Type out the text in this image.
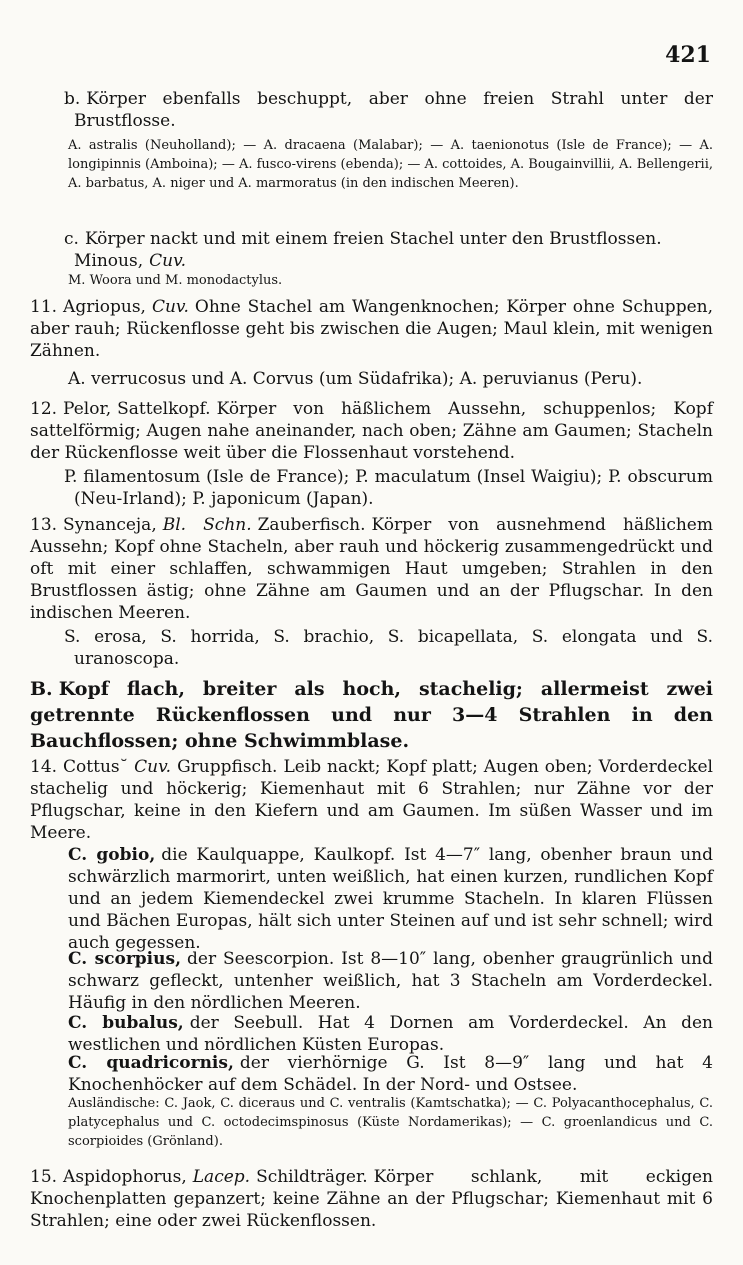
421
b. Körper ebenfalls beschuppt, aber ohne freien Strahl unter der Brustflosse.
A. astralis (Neuholland); — A. dracaena (Malabar); — A. taenionotus (Isle de France); — A. longipinnis (Amboina); — A. fusco-virens (ebenda); — A. cottoides, A. Bougainvillii, A. Bellengerii, A. barbatus, A. niger und A. marmoratus (in den indischen Meeren).
c. Körper nackt und mit einem freien Stachel unter den Brustflossen.
Minous, Cuv.
M. Woora und M. monodactylus.
11. Agriopus, Cuv. Ohne Stachel am Wangenknochen; Körper ohne Schuppen, aber rauh; Rückenflosse geht bis zwischen die Augen; Maul klein, mit wenigen Zähnen.
A. verrucosus und A. Corvus (um Südafrika); A. peruvianus (Peru).
12. Pelor, Sattelkopf. Körper von häßlichem Aussehn, schuppenlos; Kopf sattelförmig; Augen nahe aneinander, nach oben; Zähne am Gaumen; Stacheln der Rückenflosse weit über die Flossenhaut vorstehend.
P. filamentosum (Isle de France); P. maculatum (Insel Waigiu); P. obscurum (Neu-Irland); P. japonicum (Japan).
13. Synanceja, Bl. Schn. Zauberfisch. Körper von ausnehmend häßlichem Aussehn; Kopf ohne Stacheln, aber rauh und höckerig zusammengedrückt und oft mit einer schlaffen, schwammigen Haut umgeben; Strahlen in den Brustflossen ästig; ohne Zähne am Gaumen und an der Pflugschar. In den indischen Meeren.
S. erosa, S. horrida, S. brachio, S. bicapellata, S. elongata und S. uranoscopa.
B. Kopf flach, breiter als hoch, stachelig; allermeist zwei getrennte Rückenflossen und nur 3—4 Strahlen in den Bauchflossen; ohne Schwimmblase.
14. Cottus˘ Cuv. Gruppfisch. Leib nackt; Kopf platt; Augen oben; Vorderdeckel stachelig und höckerig; Kiemenhaut mit 6 Strahlen; nur Zähne vor der Pflugschar, keine in den Kiefern und am Gaumen. Im süßen Wasser und im Meere.
C. gobio, die Kaulquappe, Kaulkopf. Ist 4—7″ lang, obenher braun und schwärzlich marmorirt, unten weißlich, hat einen kurzen, rundlichen Kopf und an jedem Kiemendeckel zwei krumme Stacheln. In klaren Flüssen und Bächen Europas, hält sich unter Steinen auf und ist sehr schnell; wird auch gegessen.
C. scorpius, der Seescorpion. Ist 8—10″ lang, obenher graugrünlich und schwarz gefleckt, untenher weißlich, hat 3 Stacheln am Vorderdeckel. Häufig in den nördlichen Meeren.
C. bubalus, der Seebull. Hat 4 Dornen am Vorderdeckel. An den westlichen und nördlichen Küsten Europas.
C. quadricornis, der vierhörnige G. Ist 8—9″ lang und hat 4 Knochenhöcker auf dem Schädel. In der Nord- und Ostsee.
Ausländische: C. Jaok, C. diceraus und C. ventralis (Kamtschatka); — C. Polyacanthocephalus, C. platycephalus und C. octodecimspinosus (Küste Nordamerikas); — C. groenlandicus und C. scorpioides (Grönland).
15. Aspidophorus, Lacep. Schildträger. Körper schlank, mit eckigen Knochenplatten gepanzert; keine Zähne an der Pflugschar; Kiemenhaut mit 6 Strahlen; eine oder zwei Rückenflossen.
